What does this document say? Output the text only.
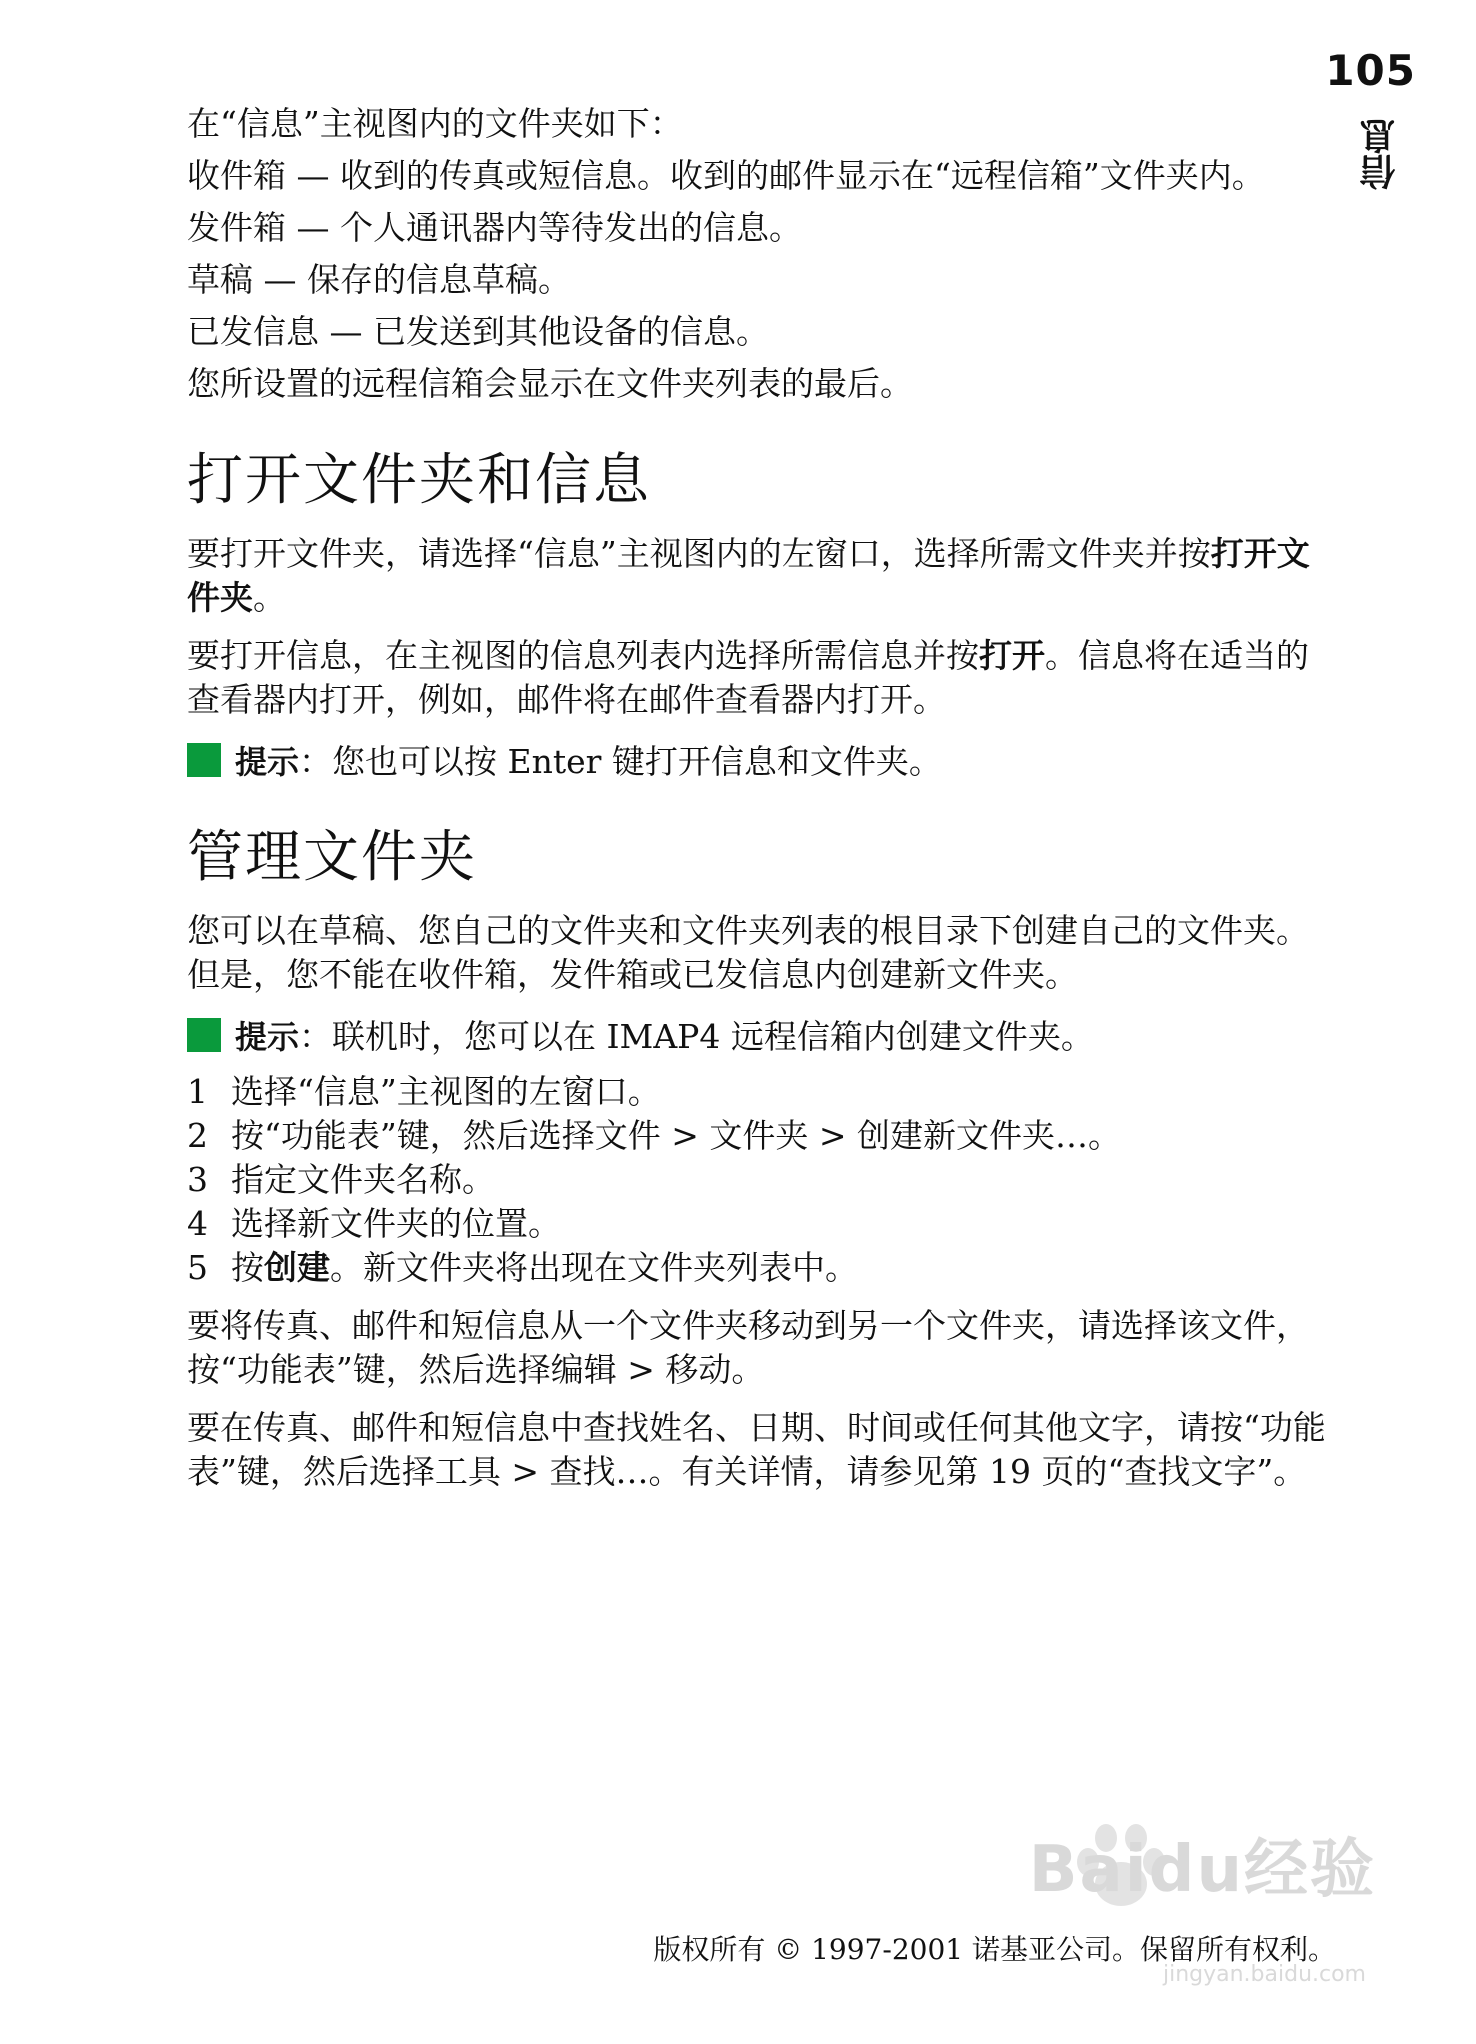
105
信息

在“信息”主视图内的文件夹如下：

收件箱 — 收到的传真或短信息。收到的邮件显示在“远程信箱”文件夹内。

发件箱 — 个人通讯器内等待发出的信息。

草稿 — 保存的信息草稿。

已发信息 — 已发送到其他设备的信息。

您所设置的远程信箱会显示在文件夹列表的最后。

打开文件夹和信息

要打开文件夹，请选择“信息”主视图内的左窗口，选择所需文件夹并按打开文件夹。

要打开信息，在主视图的信息列表内选择所需信息并按打开。信息将在适当的查看器内打开，例如，邮件将在邮件查看器内打开。

提示 ：您也可以按 Enter 键打开信息和文件夹。
管理文件夹

您可以在草稿、您自己的文件夹和文件夹列表的根目录下创建自己的文件夹。但是，您不能在收件箱，发件箱或已发信息内创建新文件夹。

提示 ：联机时，您可以在 IMAP4 远程信箱内创建文件夹。
1 选择“信息”主视图的左窗口。
2 按“功能表”键，然后选择文件 > 文件夹 > 创建新文件夹…。
3 指定文件夹名称。
4 选择新文件夹的位置。
5 按创建。新文件夹将出现在文件夹列表中。

要将传真、邮件和短信息从一个文件夹移动到另一个文件夹，请选择该文件，按“功能表”键，然后选择编辑 > 移动。

要在传真、邮件和短信息中查找姓名、日期、时间或任何其他文字，请按“功能表”键，然后选择工具 > 查找…。有关详情，请参见第 19 页的“查找文字”。

Baidu经验
jingyan.baidu.com
版权所有 © 1997-2001 诺基亚公司。保留所有权利。
